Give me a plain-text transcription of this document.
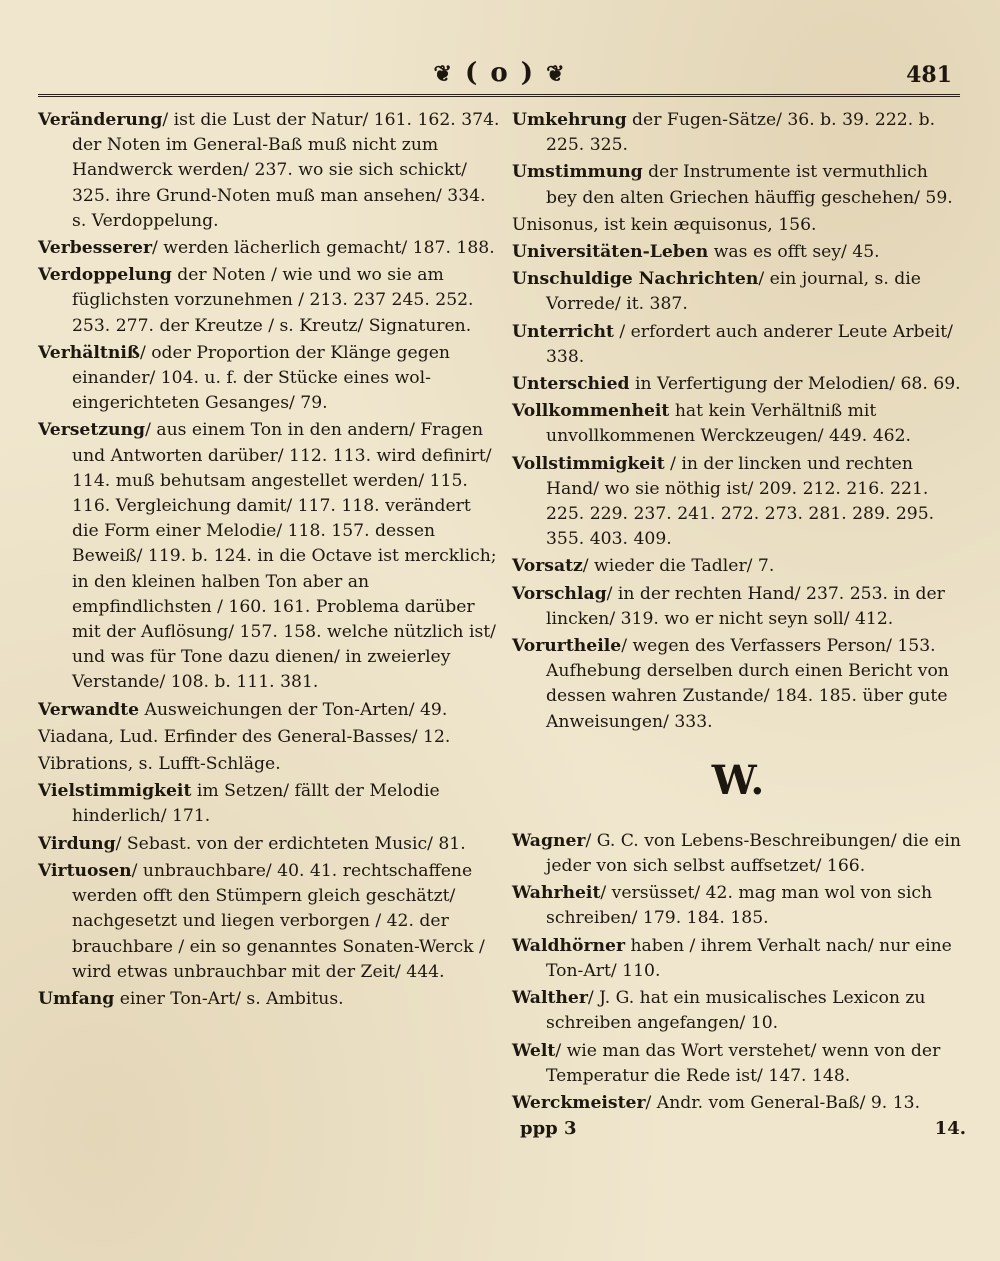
❦ ( o ) ❦	481
Veränderung/ ist die Lust der Natur/ 161. 162. 374. der Noten im General-Baß muß nicht zum Handwerck werden/ 237. wo sie sich schickt/ 325. ihre Grund-Noten muß man ansehen/ 334. s. Verdoppelung.
Verbesserer/ werden lächerlich gemacht/ 187. 188.
Verdoppelung der Noten / wie und wo sie am füglichsten vorzunehmen / 213. 237 245. 252. 253. 277. der Kreutze / s. Kreutz/ Signaturen.
Verhältniß/ oder Proportion der Klänge gegen einander/ 104. u. f. der Stücke eines wol-eingerichteten Gesanges/ 79.
Versetzung/ aus einem Ton in den andern/ Fragen und Antworten darüber/ 112. 113. wird definirt/ 114. muß behutsam angestellet werden/ 115. 116. Vergleichung damit/ 117. 118. verändert die Form einer Melodie/ 118. 157. dessen Beweiß/ 119. b. 124. in die Octave ist mercklich; in den kleinen halben Ton aber an empfindlichsten / 160. 161. Problema darüber mit der Auflösung/ 157. 158. welche nützlich ist/ und was für Tone dazu dienen/ in zweierley Verstande/ 108. b. 111. 381.
Verwandte Ausweichungen der Ton-Arten/ 49.
Viadana, Lud. Erfinder des General-Basses/ 12.
Vibrations, s. Lufft-Schläge.
Vielstimmigkeit im Setzen/ fällt der Melodie hinderlich/ 171.
Virdung/ Sebast. von der erdichteten Music/ 81.
Virtuosen/ unbrauchbare/ 40. 41. rechtschaffene werden offt den Stümpern gleich geschätzt/ nachgesetzt und liegen verborgen / 42. der brauchbare / ein so genanntes Sonaten-Werck / wird etwas unbrauchbar mit der Zeit/ 444.
Umfang einer Ton-Art/ s. Ambitus.
Umkehrung der Fugen-Sätze/ 36. b. 39. 222. b. 225. 325.
Umstimmung der Instrumente ist vermuthlich bey den alten Griechen häuffig geschehen/ 59.
Unisonus, ist kein æquisonus, 156.
Universitäten-Leben was es offt sey/ 45.
Unschuldige Nachrichten/ ein journal, s. die Vorrede/ it. 387.
Unterricht / erfordert auch anderer Leute Arbeit/ 338.
Unterschied in Verfertigung der Melodien/ 68. 69.
Vollkommenheit hat kein Verhältniß mit unvollkommenen Werckzeugen/ 449. 462.
Vollstimmigkeit / in der lincken und rechten Hand/ wo sie nöthig ist/ 209. 212. 216. 221. 225. 229. 237. 241. 272. 273. 281. 289. 295. 355. 403. 409.
Vorsatz/ wieder die Tadler/ 7.
Vorschlag/ in der rechten Hand/ 237. 253. in der lincken/ 319. wo er nicht seyn soll/ 412.
Vorurtheile/ wegen des Verfassers Person/ 153. Aufhebung derselben durch einen Bericht von dessen wahren Zustande/ 184. 185. über gute Anweisungen/ 333.
W.
Wagner/ G. C. von Lebens-Beschreibungen/ die ein jeder von sich selbst auffsetzet/ 166.
Wahrheit/ versüsset/ 42. mag man wol von sich schreiben/ 179. 184. 185.
Waldhörner haben / ihrem Verhalt nach/ nur eine Ton-Art/ 110.
Walther/ J. G. hat ein musicalisches Lexicon zu schreiben angefangen/ 10.
Welt/ wie man das Wort verstehet/ wenn von der Temperatur die Rede ist/ 147. 148.
Werckmeister/ Andr. vom General-Baß/ 9. 13.
ppp 3	14.
